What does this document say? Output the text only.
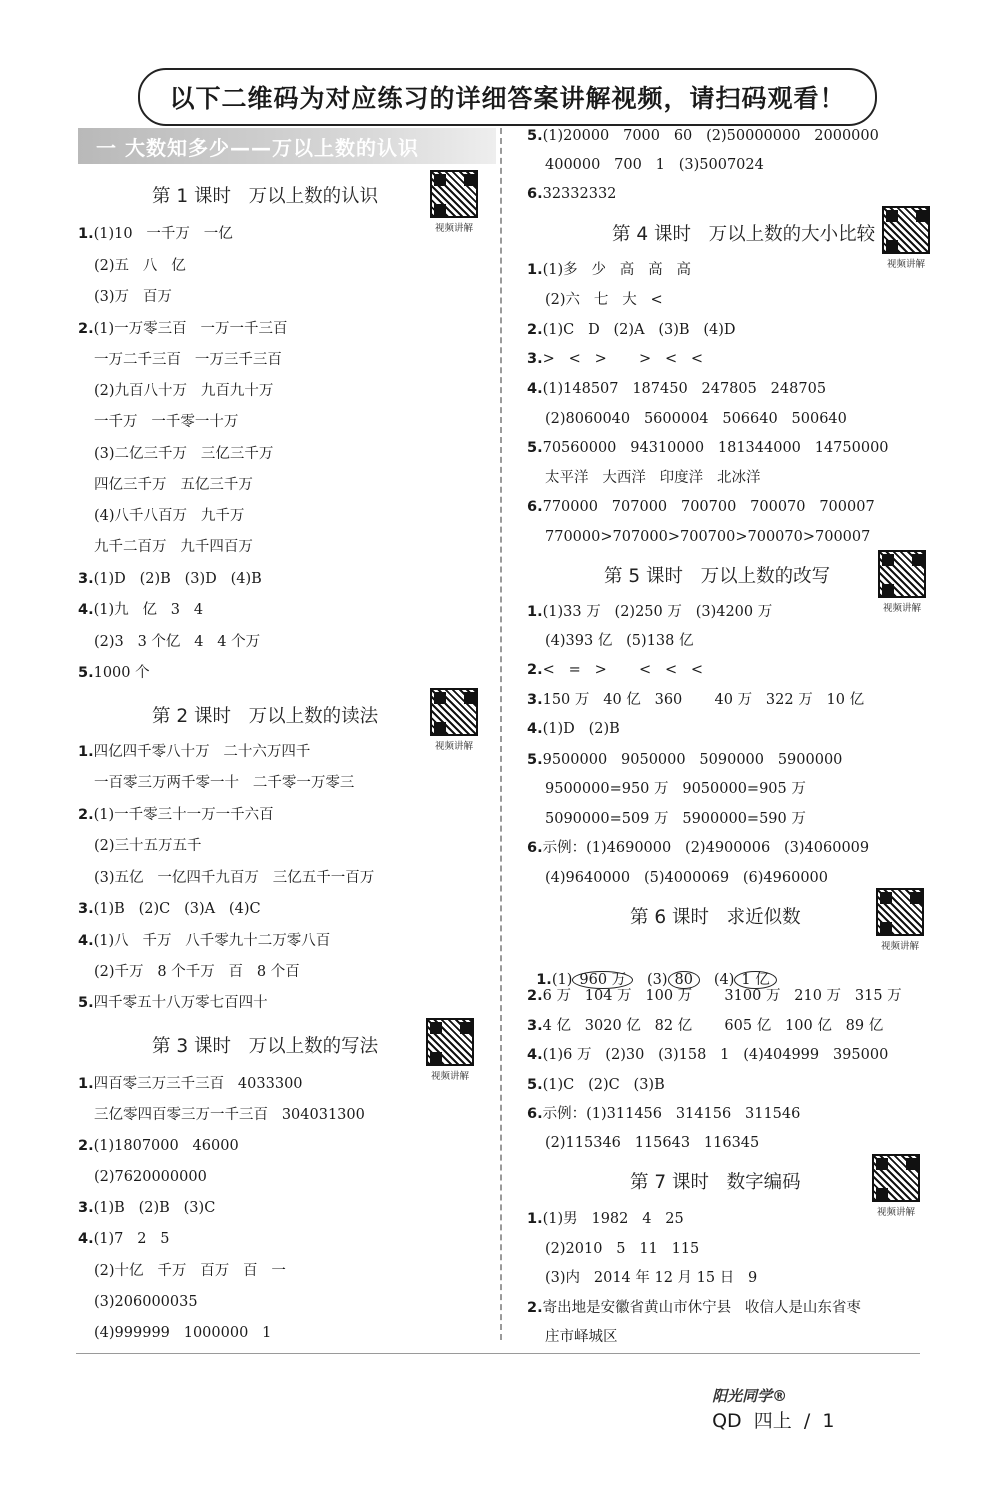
以下二维码为对应练习的详细答案讲解视频，请扫码观看！
一 大数知多少——万以上数的认识
第 1 课时   万以上数的认识
视频讲解
1.(1)10   一千万   一亿
(2)五   八   亿
(3)万   百万
2.(1)一万零三百   一万一千三百
一万二千三百   一万三千三百
(2)九百八十万   九百九十万
一千万   一千零一十万
(3)二亿三千万   三亿三千万
四亿三千万   五亿三千万
(4)八千八百万   九千万
九千二百万   九千四百万
3.(1)D   (2)B   (3)D   (4)B
4.(1)九   亿   3   4
(2)3   3 个亿   4   4 个万
5.1000 个
第 2 课时   万以上数的读法
视频讲解
1.四亿四千零八十万   二十六万四千
一百零三万两千零一十   二千零一万零三
2.(1)一千零三十一万一千六百
(2)三十五万五千
(3)五亿   一亿四千九百万   三亿五千一百万
3.(1)B   (2)C   (3)A   (4)C
4.(1)八   千万   八千零九十二万零八百
(2)千万   8 个千万   百   8 个百
5.四千零五十八万零七百四十
第 3 课时   万以上数的写法
视频讲解
1.四百零三万三千三百   4033300
三亿零四百零三万一千三百   304031300
2.(1)1807000   46000
(2)7620000000
3.(1)B   (2)B   (3)C
4.(1)7   2   5
(2)十亿   千万   百万   百   一
(3)206000035
(4)999999   1000000   1
5.(1)20000   7000   60   (2)50000000   2000000
400000   700   1   (3)5007024
6.32332332
第 4 课时   万以上数的大小比较
视频讲解
1.(1)多   少   高   高   高
(2)六   七   大   <
2.(1)C   D   (2)A   (3)B   (4)D
3.>   <   >       >   <   <
4.(1)148507   187450   247805   248705
(2)8060040   5600004   506640   500640
5.70560000   94310000   181344000   14750000
太平洋   大西洋   印度洋   北冰洋
6.770000   707000   700700   700070   700007
770000>707000>700700>700070>700007
第 5 课时   万以上数的改写
视频讲解
1.(1)33 万   (2)250 万   (3)4200 万
(4)393 亿   (5)138 亿
2.<   =   >       <   <   <
3.150 万   40 亿   360       40 万   322 万   10 亿
4.(1)D   (2)B
5.9500000   9050000   5090000   5900000
9500000=950 万   9050000=905 万
5090000=509 万   5900000=590 万
6.示例：(1)4690000   (2)4900006   (3)4060009
(4)9640000   (5)4000069   (6)4960000
第 6 课时   求近似数
视频讲解

1.(1) 960 万 (3) 80 (4) 1 亿

2.6 万   104 万   100 万       3100 万   210 万   315 万
3.4 亿   3020 亿   82 亿       605 亿   100 亿   89 亿
4.(1)6 万   (2)30   (3)158   1   (4)404999   395000
5.(1)C   (2)C   (3)B
6.示例：(1)311456   314156   311546
(2)115346   115643   116345
第 7 课时   数字编码
视频讲解
1.(1)男   1982   4   25
(2)2010   5   11   115
(3)内   2014 年 12 月 15 日   9
2.寄出地是安徽省黄山市休宁县   收信人是山东省枣
庄市峄城区

阳光同学®
QD  四上  /  1
